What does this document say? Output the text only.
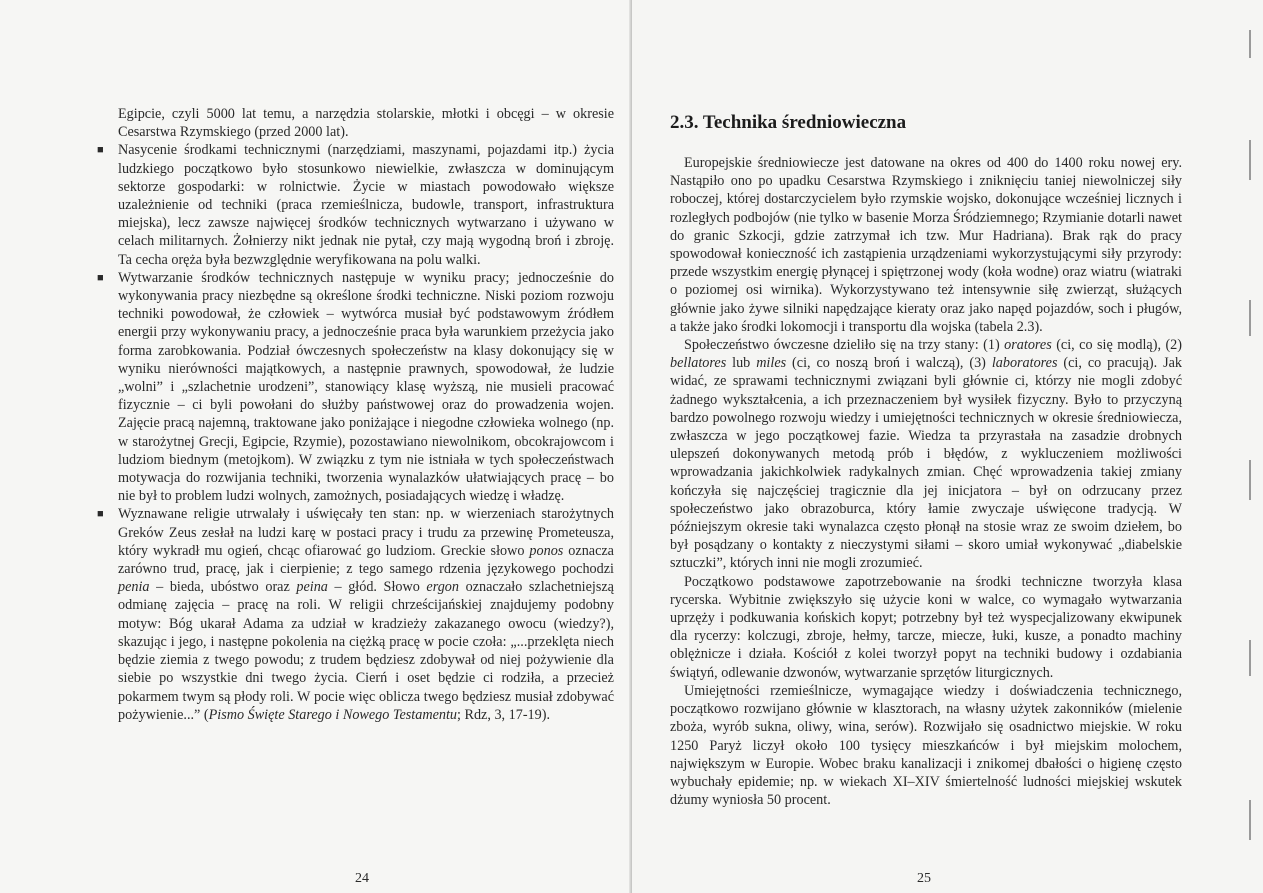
Egipcie, czyli 5000 lat temu, a narzędzia stolarskie, młotki i obcęgi – w okresie Cesarstwa Rzymskiego (przed 2000 lat).

■ Nasycenie środkami technicznymi (narzędziami, maszynami, pojazdami itp.) życia ludzkiego początkowo było stosunkowo niewielkie, zwłaszcza w dominującym sektorze gospodarki: w rolnictwie. Życie w miastach powodowało większe uzależnienie od techniki (praca rzemieślnicza, budowle, transport, infrastruktura miejska), lecz zawsze najwięcej środków technicznych wytwarzano i używano w celach militarnych. Żołnierzy nikt jednak nie pytał, czy mają wygodną broń i zbroję. Ta cecha oręża była bezwzględnie weryfikowana na polu walki.
■ Wytwarzanie środków technicznych następuje w wyniku pracy; jednocześnie do wykonywania pracy niezbędne są określone środki techniczne. Niski poziom rozwoju techniki powodował, że człowiek – wytwórca musiał być podstawowym źródłem energii przy wykonywaniu pracy, a jednocześnie praca była warunkiem przeżycia jako forma zarobkowania. Podział ówczesnych społeczeństw na klasy dokonujący się w wyniku nierówności majątkowych, a następnie prawnych, spowodował, że ludzie „wolni” i „szlachetnie urodzeni”, stanowiący klasę wyższą, nie musieli pracować fizycznie – ci byli powołani do służby państwowej oraz do prowadzenia wojen. Zajęcie pracą najemną, traktowane jako poniżające i niegodne człowieka wolnego (np. w starożytnej Grecji, Egipcie, Rzymie), pozostawiano niewolnikom, obcokrajowcom i ludziom biednym (metojkom). W związku z tym nie istniała w tych społeczeństwach motywacja do rozwijania techniki, tworzenia wynalazków ułatwiających pracę – bo nie był to problem ludzi wolnych, zamożnych, posiadających wiedzę i władzę.
■ Wyznawane religie utrwalały i uświęcały ten stan: np. w wierzeniach starożytnych Greków Zeus zesłał na ludzi karę w postaci pracy i trudu za przewinę Prometeusza, który wykradł mu ogień, chcąc ofiarować go ludziom. Greckie słowo ponos oznacza zarówno trud, pracę, jak i cierpienie; z tego samego rdzenia językowego pochodzi penia – bieda, ubóstwo oraz peina – głód. Słowo ergon oznaczało szlachetniejszą odmianę zajęcia – pracę na roli. W religii chrześcijańskiej znajdujemy podobny motyw: Bóg ukarał Adama za udział w kradzieży zakazanego owocu (wiedzy?), skazując i jego, i następne pokolenia na ciężką pracę w pocie czoła: „...przeklęta niech będzie ziemia z twego powodu; z trudem będziesz zdobywał od niej pożywienie dla siebie po wszystkie dni twego życia. Cierń i oset będzie ci rodziła, a przecież pokarmem twym są płody roli. W pocie więc oblicza twego będziesz musiał zdobywać pożywienie...” (Pismo Święte Starego i Nowego Testamentu; Rdz, 3, 17-19).
24
2.3. Technika średniowieczna

Europejskie średniowiecze jest datowane na okres od 400 do 1400 roku nowej ery. Nastąpiło ono po upadku Cesarstwa Rzymskiego i zniknięciu taniej niewolniczej siły roboczej, której dostarczycielem było rzymskie wojsko, dokonujące wcześniej licznych i rozległych podbojów (nie tylko w basenie Morza Śródziemnego; Rzymianie dotarli nawet do granic Szkocji, gdzie zatrzymał ich tzw. Mur Hadriana). Brak rąk do pracy spowodował konieczność ich zastąpienia urządzeniami wykorzystującymi siły przyrody: przede wszystkim energię płynącej i spiętrzonej wody (koła wodne) oraz wiatru (wiatraki o poziomej osi wirnika). Wykorzystywano też intensywnie siłę zwierząt, służących głównie jako żywe silniki napędzające kieraty oraz jako napęd pojazdów, soch i pługów, a także jako środki lokomocji i transportu dla wojska (tabela 2.3).

Społeczeństwo ówczesne dzieliło się na trzy stany: (1) oratores (ci, co się modlą), (2) bellatores lub miles (ci, co noszą broń i walczą), (3) laboratores (ci, co pracują). Jak widać, ze sprawami technicznymi związani byli głównie ci, którzy nie mogli zdobyć żadnego wykształcenia, a ich przeznaczeniem był wysiłek fizyczny. Było to przyczyną bardzo powolnego rozwoju wiedzy i umiejętności technicznych w okresie średniowiecza, zwłaszcza w jego początkowej fazie. Wiedza ta przyrastała na zasadzie drobnych ulepszeń dokonywanych metodą prób i błędów, z wykluczeniem możliwości wprowadzania jakichkolwiek radykalnych zmian. Chęć wprowadzenia takiej zmiany kończyła się najczęściej tragicznie dla jej inicjatora – był on odrzucany przez społeczeństwo jako obrazoburca, który łamie zwyczaje uświęcone tradycją. W późniejszym okresie taki wynalazca często płonął na stosie wraz ze swoim dziełem, bo był posądzany o kontakty z nieczystymi siłami – skoro umiał wykonywać „diabelskie sztuczki”, których inni nie mogli zrozumieć.

Początkowo podstawowe zapotrzebowanie na środki techniczne tworzyła klasa rycerska. Wybitnie zwiększyło się użycie koni w walce, co wymagało wytwarzania uprzęży i podkuwania końskich kopyt; potrzebny był też wyspecjalizowany ekwipunek dla rycerzy: kolczugi, zbroje, hełmy, tarcze, miecze, łuki, kusze, a ponadto machiny oblężnicze i działa. Kościół z kolei tworzył popyt na techniki budowy i ozdabiania świątyń, odlewanie dzwonów, wytwarzanie sprzętów liturgicznych.

Umiejętności rzemieślnicze, wymagające wiedzy i doświadczenia technicznego, początkowo rozwijano głównie w klasztorach, na własny użytek zakonników (mielenie zboża, wyrób sukna, oliwy, wina, serów). Rozwijało się osadnictwo miejskie. W roku 1250 Paryż liczył około 100 tysięcy mieszkańców i był miejskim molochem, największym w Europie. Wobec braku kanalizacji i znikomej dbałości o higienę często wybuchały epidemie; np. w wiekach XI–XIV śmiertelność ludności miejskiej wskutek dżumy wyniosła 50 procent.

25
